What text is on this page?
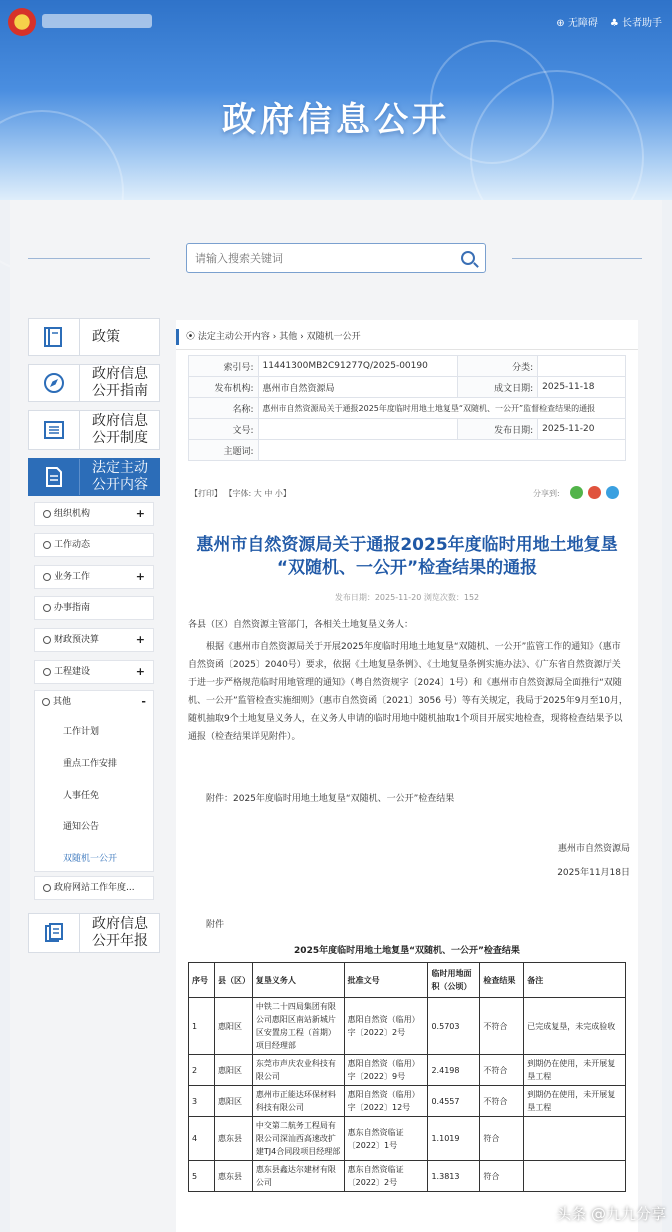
⊕ 无障碍 ♣ 长者助手
政府信息公开
请输入搜索关键词
政策
政府信息公开指南
政府信息公开制度
法定主动公开内容
组织机构	+
工作动态
业务工作	+
办事指南
财政预决算	+
工程建设	+
其他	-
工作计划
重点工作安排
人事任免
通知公告
双随机一公开
政府网站工作年度...
政府信息公开年报
⦿ 法定主动公开内容 › 其他 › 双随机一公开
索引号:	11441300MB2C91277Q/2025-00190	分类:	
发布机构:	惠州市自然资源局	成文日期:	2025-11-18
名称:	惠州市自然资源局关于通报2025年度临时用地土地复垦“双随机、一公开”监督检查结果的通报		
文号:		发布日期:	2025-11-20
主题词:			
【打印】 【字体: 大 中 小】	分享到:
惠州市自然资源局关于通报2025年度临时用地土地复垦
“双随机、一公开”检查结果的通报
发布日期：2025-11-20 浏览次数：152
各县（区）自然资源主管部门，各相关土地复垦义务人：
根据《惠州市自然资源局关于开展2025年度临时用地土地复垦“双随机、一公开”监管工作的通知》（惠市自然资函〔2025〕2040号）要求，依据《土地复垦条例》、《土地复垦条例实施办法》、《广东省自然资源厅关于进一步严格规范临时用地管理的通知》（粤自然资规字〔2024〕1号）和《惠州市自然资源局全面推行“双随机、一公开”监管检查实施细则》（惠市自然资函〔2021〕3056 号）等有关规定，我局于2025年9月至10月，随机抽取9个土地复垦义务人，在义务人申请的临时用地中随机抽取1个项目开展实地检查，现将检查结果予以通报（检查结果详见附件）。
附件：2025年度临时用地土地复垦“双随机、一公开”检查结果
惠州市自然资源局
2025年11月18日
附件
2025年度临时用地土地复垦“双随机、一公开”检查结果
序号	县（区）	复垦义务人	批准文号	临时用地面积（公顷）	检查结果	备注
1	惠阳区	中铁二十四局集团有限公司惠阳区南站新城片区安置房工程（首期）项目经理部	惠阳自然资（临用）字〔2022〕2号	0.5703	不符合	已完成复垦，未完成验收
2	惠阳区	东莞市声庆农业科技有限公司	惠阳自然资（临用）字〔2022〕9号	2.4198	不符合	到期仍在使用，未开展复垦工程
3	惠阳区	惠州市正能达环保材料科技有限公司	惠阳自然资（临用）字〔2022〕12号	0.4557	不符合	到期仍在使用，未开展复垦工程
4	惠东县	中交第二航务工程局有限公司深汕西高速改扩建TJ4合同段项目经理部	惠东自然资临证〔2022〕1号	1.1019	符合	
5	惠东县	惠东县鑫达尔建材有限公司	惠东自然资临证〔2022〕2号	1.3813	符合	
头条 @九九分享
